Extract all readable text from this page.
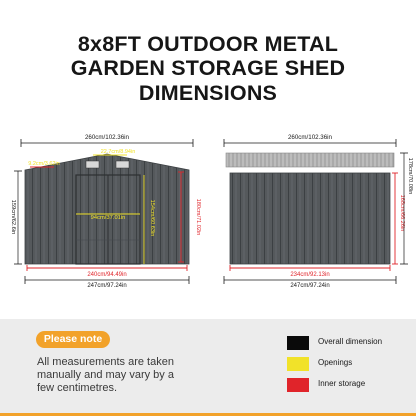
8x8FT OUTDOOR METAL
GARDEN STORAGE SHED DIMENSIONS
260cm/102.36in
9.2cm/3.62in
180cm/71.02in
240cm/94.49in
22.7cm/8.94in
94cm/37.01in	154cm/60.63in
159cm/62.6in
247cm/97.24in
260cm/102.36in
168cm/66.26in
234cm/92.13in
178cm/70.08in
247cm/97.24in
Please note
All measurements are taken manually and may vary by a few centimetres.
Overall dimension
Openings
Inner storage
